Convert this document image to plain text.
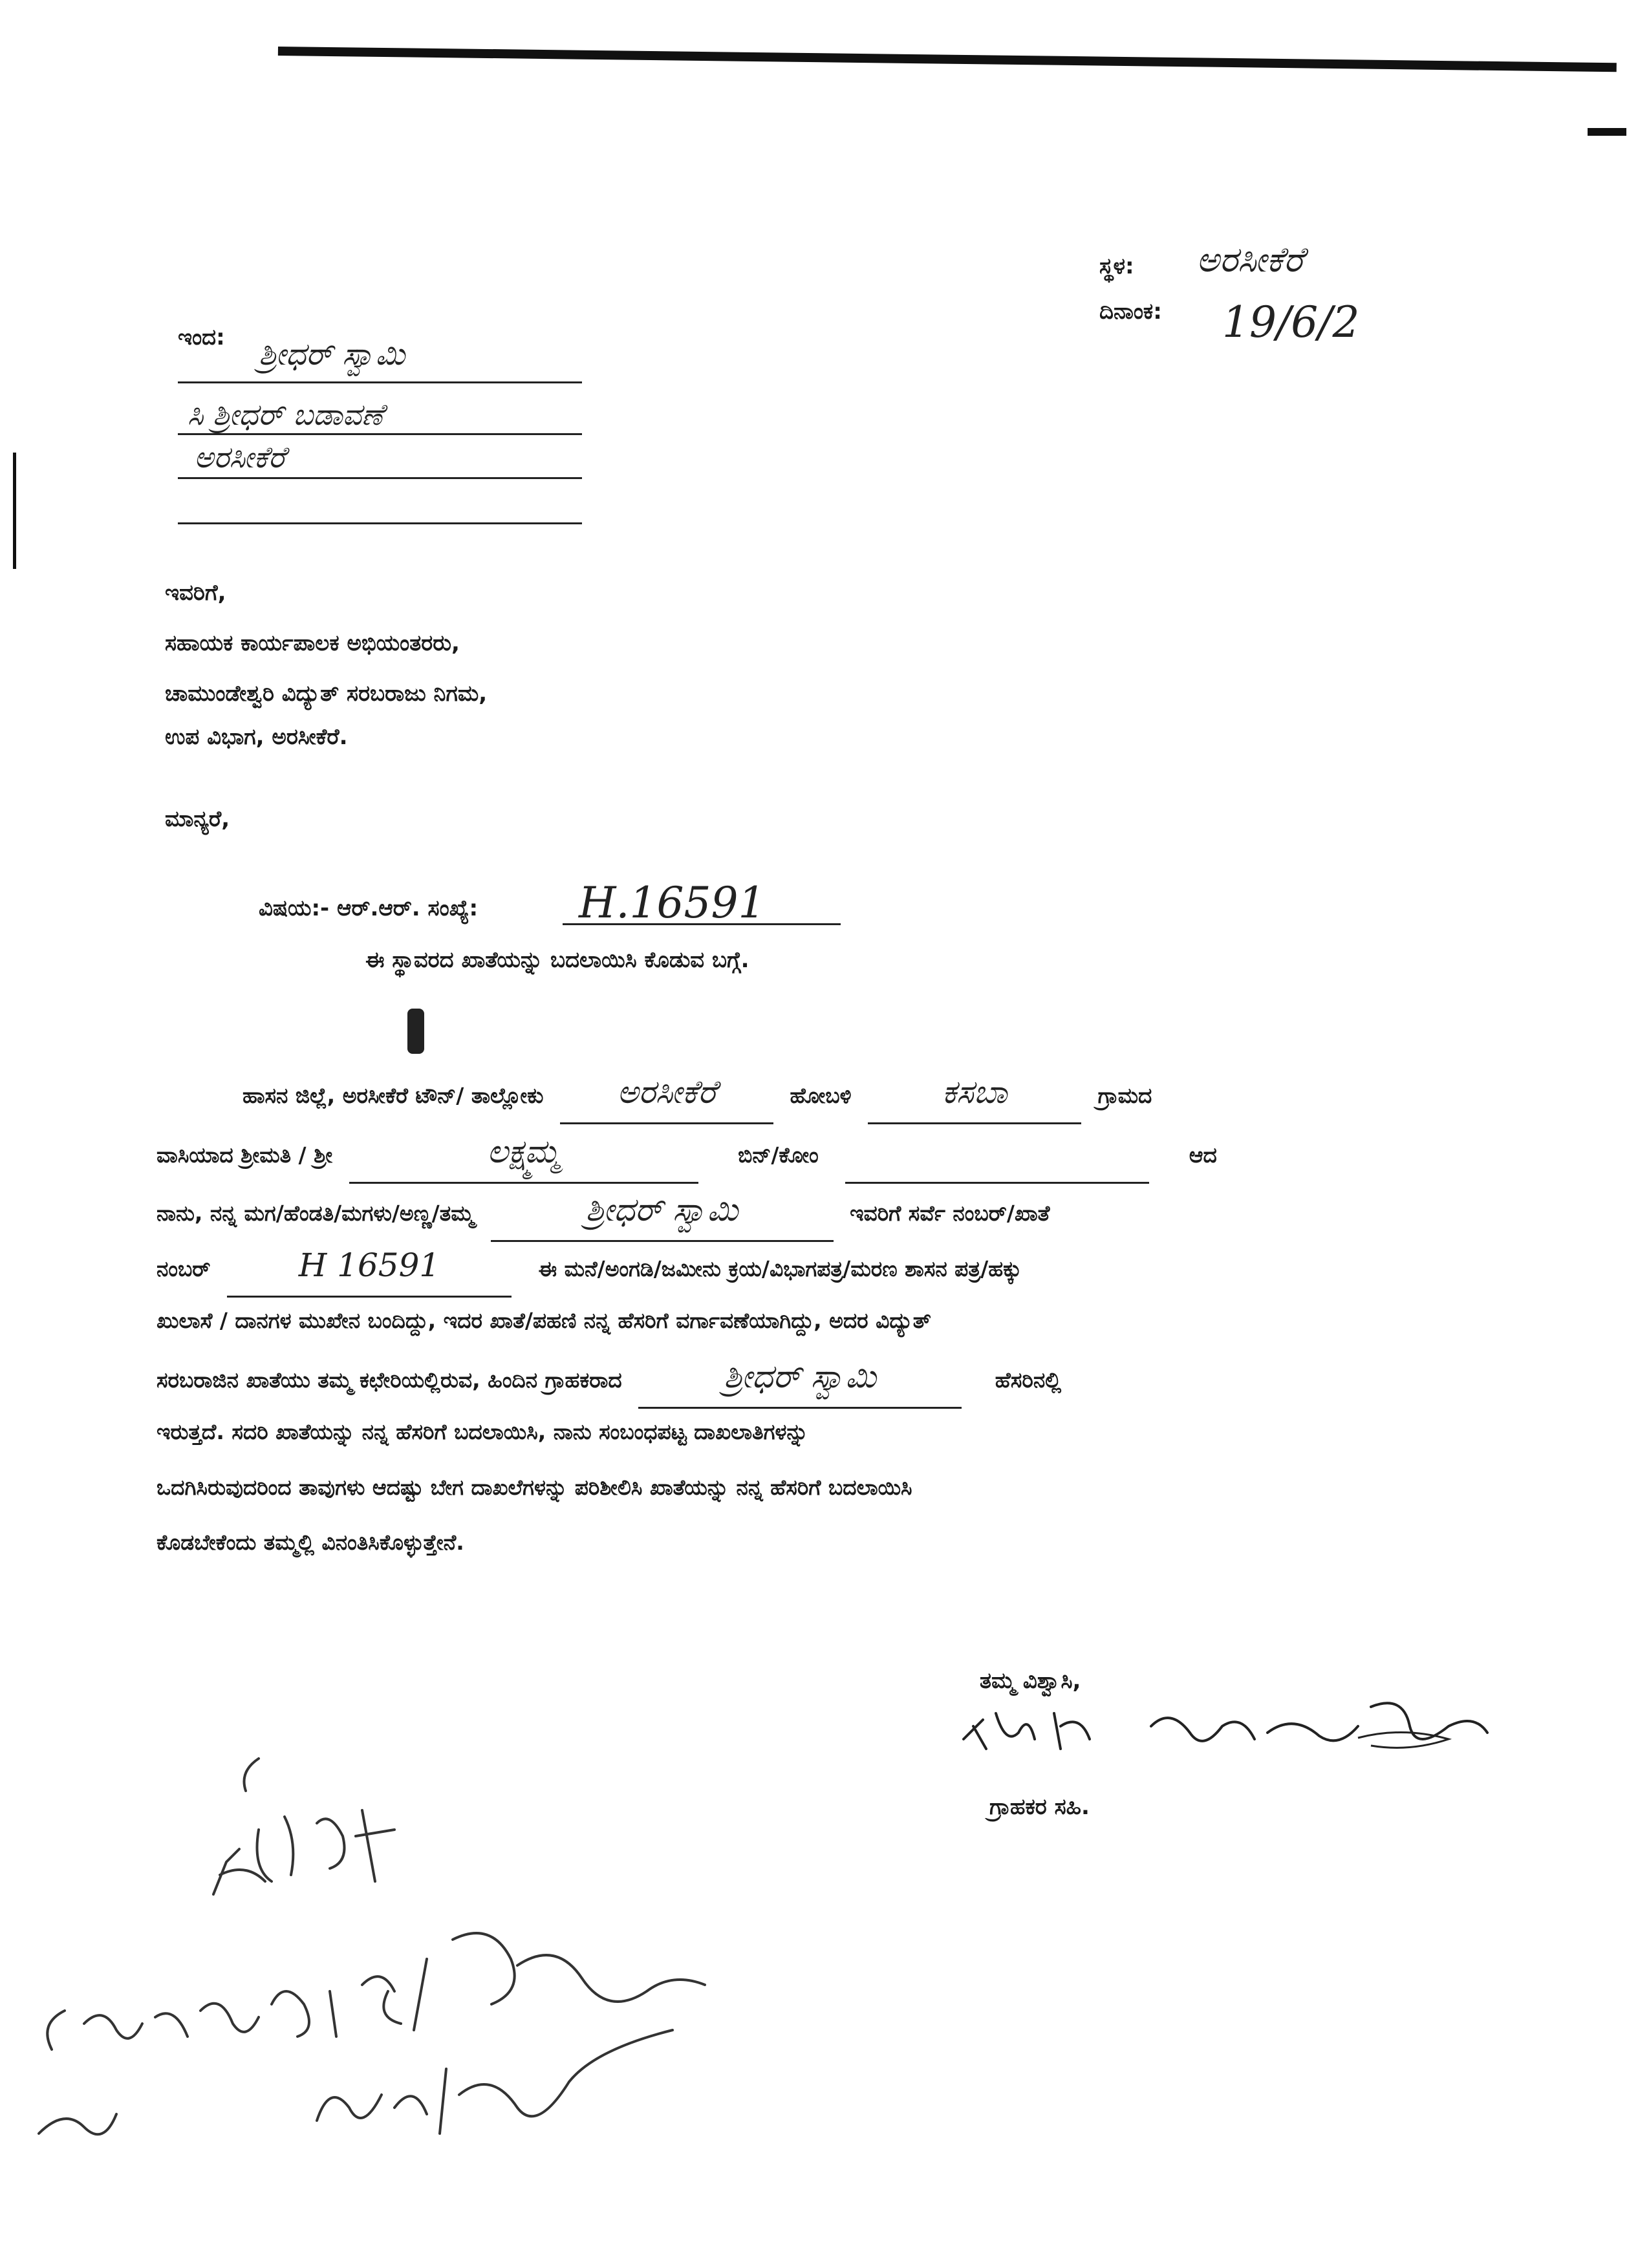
ಸ್ಥಳ: ಅರಸೀಕೆರೆ
ದಿನಾಂಕ: 19/6/2
ಇಂದ: ಶ್ರೀಧರ್ ಸ್ವಾಮಿ
ಸಿ ಶ್ರೀಧರ್ ಬಡಾವಣೆ
ಅರಸೀಕೆರೆ
ಇವರಿಗೆ,
ಸಹಾಯಕ ಕಾರ್ಯಪಾಲಕ ಅಭಿಯಂತರರು,
ಚಾಮುಂಡೇಶ್ವರಿ ವಿದ್ಯುತ್ ಸರಬರಾಜು ನಿಗಮ,
ಉಪ ವಿಭಾಗ, ಅರಸೀಕೆರೆ.
ಮಾನ್ಯರೆ,
ವಿಷಯ:- ಆರ್.ಆರ್. ಸಂಖ್ಯೆ: H.16591
ಈ ಸ್ಥಾವರದ ಖಾತೆಯನ್ನು ಬದಲಾಯಿಸಿ ಕೊಡುವ ಬಗ್ಗೆ.
ಹಾಸನ ಜಿಲ್ಲೆ, ಅರಸೀಕೆರೆ ಟೌನ್/ ತಾಲ್ಲೋಕು ಅರಸೀಕೆರೆ	ಹೋಬಳಿ	ಕಸಬಾ	ಗ್ರಾಮದ
ವಾಸಿಯಾದ ಶ್ರೀಮತಿ / ಶ್ರೀ	ಲಕ್ಷ್ಮಮ್ಮ	ಬಿನ್/ಕೋಂ	ಆದ
ನಾನು, ನನ್ನ ಮಗ/ಹೆಂಡತಿ/ಮಗಳು/ಅಣ್ಣ/ತಮ್ಮ	ಶ್ರೀಧರ್ ಸ್ವಾಮಿ	ಇವರಿಗೆ ಸರ್ವೆ ನಂಬರ್/ಖಾತೆ
ನಂಬರ್	H 16591	ಈ ಮನೆ/ಅಂಗಡಿ/ಜಮೀನು ಕ್ರಯ/ವಿಭಾಗಪತ್ರ/ಮರಣ ಶಾಸನ ಪತ್ರ/ಹಕ್ಕು
ಖುಲಾಸೆ / ದಾನಗಳ ಮುಖೇನ ಬಂದಿದ್ದು, ಇದರ ಖಾತೆ/ಪಹಣಿ ನನ್ನ ಹೆಸರಿಗೆ ವರ್ಗಾವಣೆಯಾಗಿದ್ದು, ಅದರ ವಿದ್ಯುತ್
ಸರಬರಾಜಿನ ಖಾತೆಯು ತಮ್ಮ ಕಛೇರಿಯಲ್ಲಿರುವ, ಹಿಂದಿನ ಗ್ರಾಹಕರಾದ	ಶ್ರೀಧರ್ ಸ್ವಾಮಿ	ಹೆಸರಿನಲ್ಲಿ
ಇರುತ್ತದೆ. ಸದರಿ ಖಾತೆಯನ್ನು ನನ್ನ ಹೆಸರಿಗೆ ಬದಲಾಯಿಸಿ, ನಾನು ಸಂಬಂಧಪಟ್ಟ ದಾಖಲಾತಿಗಳನ್ನು
ಒದಗಿಸಿರುವುದರಿಂದ ತಾವುಗಳು ಆದಷ್ಟು ಬೇಗ ದಾಖಲೆಗಳನ್ನು ಪರಿಶೀಲಿಸಿ ಖಾತೆಯನ್ನು ನನ್ನ ಹೆಸರಿಗೆ ಬದಲಾಯಿಸಿ
ಕೊಡಬೇಕೆಂದು ತಮ್ಮಲ್ಲಿ ವಿನಂತಿಸಿಕೊಳ್ಳುತ್ತೇನೆ.
ತಮ್ಮ ವಿಶ್ವಾಸಿ,
ಗ್ರಾಹಕರ ಸಹಿ.
